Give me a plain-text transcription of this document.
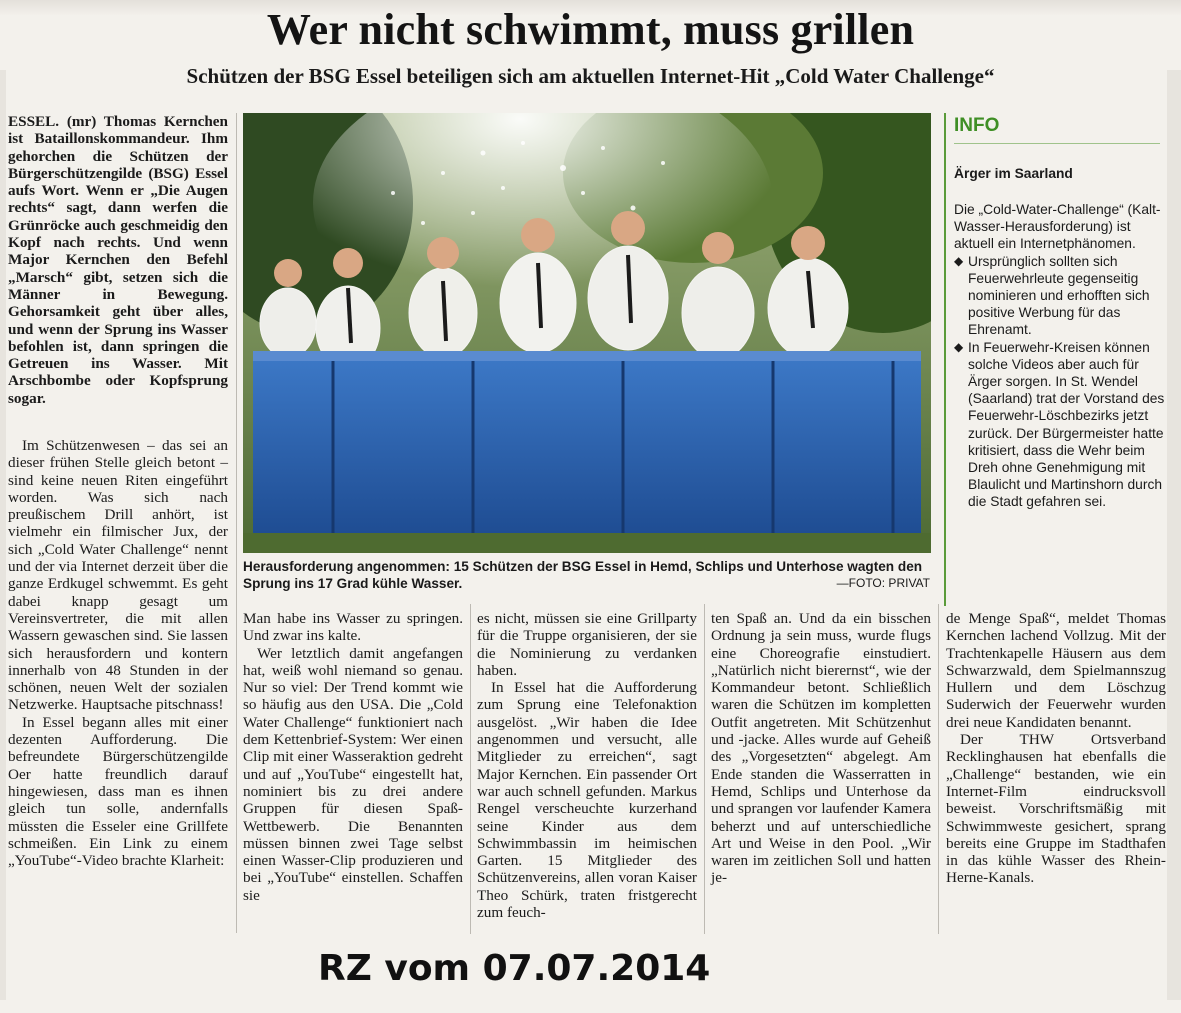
Wer nicht schwimmt, muss grillen
Schützen der BSG Essel beteiligen sich am aktuellen Internet-Hit „Cold Water Challenge“
ESSEL. (mr) Thomas Kernchen ist Bataillonskommandeur. Ihm gehorchen die Schützen der Bürgerschützengilde (BSG) Essel aufs Wort. Wenn er „Die Augen rechts“ sagt, dann werfen die Grünröcke auch geschmeidig den Kopf nach rechts. Und wenn Major Kernchen den Befehl „Marsch“ gibt, setzen sich die Männer in Bewegung. Gehorsamkeit geht über alles, und wenn der Sprung ins Wasser befohlen ist, dann springen die Getreuen ins Wasser. Mit Arschbombe oder Kopfsprung sogar.

Im Schützenwesen – das sei an dieser frühen Stelle gleich betont – sind keine neuen Riten eingeführt worden. Was sich nach preußischem Drill anhört, ist vielmehr ein filmischer Jux, der sich „Cold Water Challenge“ nennt und der via Internet derzeit über die ganze Erdkugel schwemmt. Es geht dabei knapp gesagt um Vereinsvertreter, die mit allen Wassern gewaschen sind. Sie lassen sich herausfordern und kontern innerhalb von 48 Stunden in der schönen, neuen Welt der sozialen Netzwerke. Hauptsache pitschnass!

In Essel begann alles mit einer dezenten Aufforderung. Die befreundete Bürgerschützengilde Oer hatte freundlich darauf hingewiesen, dass man es ihnen gleich tun solle, andernfalls müssten die Esseler eine Grillfete schmeißen. Ein Link zu einem „YouTube“-Video brachte Klarheit:

Herausforderung angenommen: 15 Schützen der BSG Essel in Hemd, Schlips und Unterhose wagten den Sprung ins 17 Grad kühle Wasser.	—FOTO: PRIVAT

Man habe ins Wasser zu springen. Und zwar ins kalte.

Wer letztlich damit angefangen hat, weiß wohl niemand so genau. Nur so viel: Der Trend kommt wie so häufig aus den USA. Die „Cold Water Challenge“ funktioniert nach dem Kettenbrief-System: Wer einen Clip mit einer Wasseraktion gedreht und auf „YouTube“ eingestellt hat, nominiert bis zu drei andere Gruppen für diesen Spaß-Wettbewerb. Die Benannten müssen binnen zwei Tage selbst einen Wasser-Clip produzieren und bei „YouTube“ einstellen. Schaffen sie

es nicht, müssen sie eine Grillparty für die Truppe organisieren, der sie die Nominierung zu verdanken haben.

In Essel hat die Aufforderung zum Sprung eine Telefonaktion ausgelöst. „Wir haben die Idee angenommen und versucht, alle Mitglieder zu erreichen“, sagt Major Kernchen. Ein passender Ort war auch schnell gefunden. Markus Rengel verscheuchte kurzerhand seine Kinder aus dem Schwimmbassin im heimischen Garten. 15 Mitglieder des Schützenvereins, allen voran Kaiser Theo Schürk, traten fristgerecht zum feuch-

ten Spaß an. Und da ein bisschen Ordnung ja sein muss, wurde flugs eine Choreografie einstudiert. „Natürlich nicht bierernst“, wie der Kommandeur betont. Schließlich waren die Schützen im kompletten Outfit angetreten. Mit Schützenhut und -jacke. Alles wurde auf Geheiß des „Vorgesetzten“ abgelegt. Am Ende standen die Wasserratten in Hemd, Schlips und Unterhose da und sprangen vor laufender Kamera beherzt und auf unterschiedliche Art und Weise in den Pool. „Wir waren im zeitlichen Soll und hatten je-

de Menge Spaß“, meldet Thomas Kernchen lachend Vollzug. Mit der Trachtenkapelle Häusern aus dem Schwarzwald, dem Spielmannszug Hullern und dem Löschzug Suderwich der Feuerwehr wurden drei neue Kandidaten benannt.

Der THW Ortsverband Recklinghausen hat ebenfalls die „Challenge“ bestanden, wie ein Internet-Film eindrucksvoll beweist. Vorschriftsmäßig mit Schwimmweste gesichert, sprang bereits eine Gruppe im Stadthafen in das kühle Wasser des Rhein-Herne-Kanals.

INFO
Ärger im Saarland
Die „Cold-Water-Challenge“ (Kalt-Wasser-Herausforderung) ist aktuell ein Internetphänomen.
◆ Ursprünglich sollten sich Feuerwehrleute gegenseitig nominieren und erhofften sich positive Werbung für das Ehrenamt.
◆ In Feuerwehr-Kreisen können solche Videos aber auch für Ärger sorgen. In St. Wendel (Saarland) trat der Vorstand des Feuerwehr-Löschbezirks jetzt zurück. Der Bürgermeister hatte kritisiert, dass die Wehr beim Dreh ohne Genehmigung mit Blaulicht und Martinshorn durch die Stadt gefahren sei.
RZ vom 07.07.2014
